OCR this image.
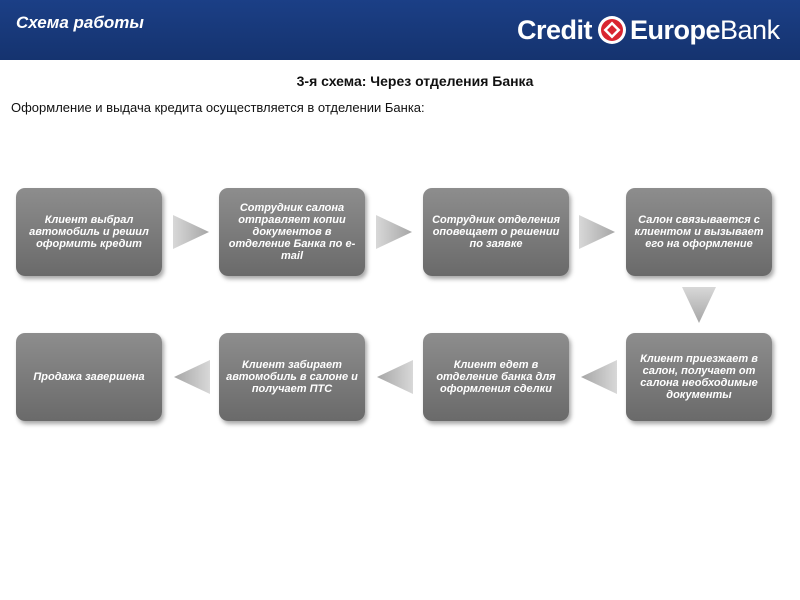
Схема работы	Credit Europe Bank
3-я схема: Через отделения Банка
Оформление и выдача кредита осуществляется в отделении Банка:
Клиент выбрал автомобиль и решил оформить кредит
Сотрудник салона отправляет копии документов в отделение Банка по e-mail
Сотрудник отделения оповещает о решении по заявке
Салон связывается с клиентом и вызывает его на оформление
Клиент приезжает в салон, получает от салона необходимые документы
Клиент едет в отделение банка для оформления сделки
Клиент забирает автомобиль в салоне и получает ПТС
Продажа завершена
